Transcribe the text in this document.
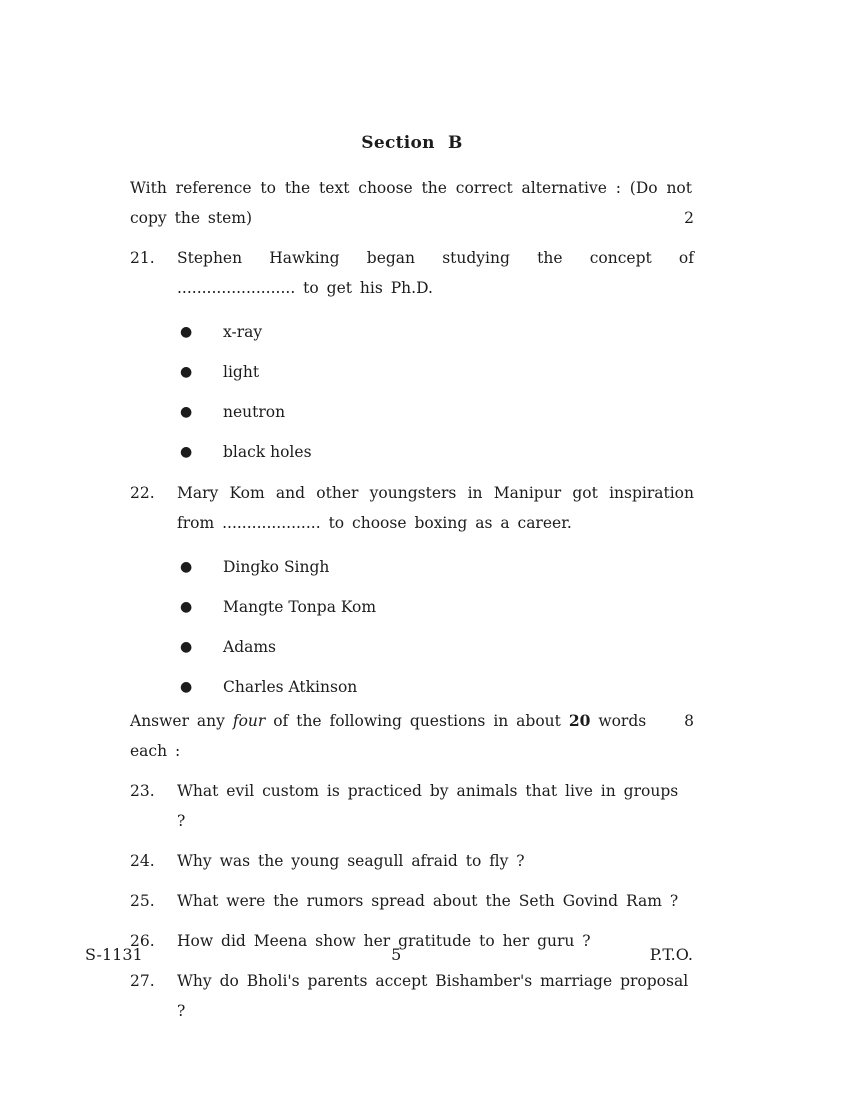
Section B
With reference to the text choose the correct alternative : (Do not copy the stem)	2
21.	Stephen Hawking began studying the concept of ........................ to get his Ph.D.
●	x-ray
●	light
●	neutron
●	black holes
22.	Mary Kom and other youngsters in Manipur got inspiration from .................... to choose boxing as a career.
●	Dingko Singh
●	Mangte Tonpa Kom
●	Adams
●	Charles Atkinson
Answer any four of the following questions in about 20 words each :
8
23.	What evil custom is practiced by animals that live in groups ?
24.	Why was the young seagull afraid to fly ?
25.	What were the rumors spread about the Seth Govind Ram ?
26.	How did Meena show her gratitude to her guru ?
27.	Why do Bholi's parents accept Bishamber's marriage proposal ?
S-1131	5	P.T.O.
